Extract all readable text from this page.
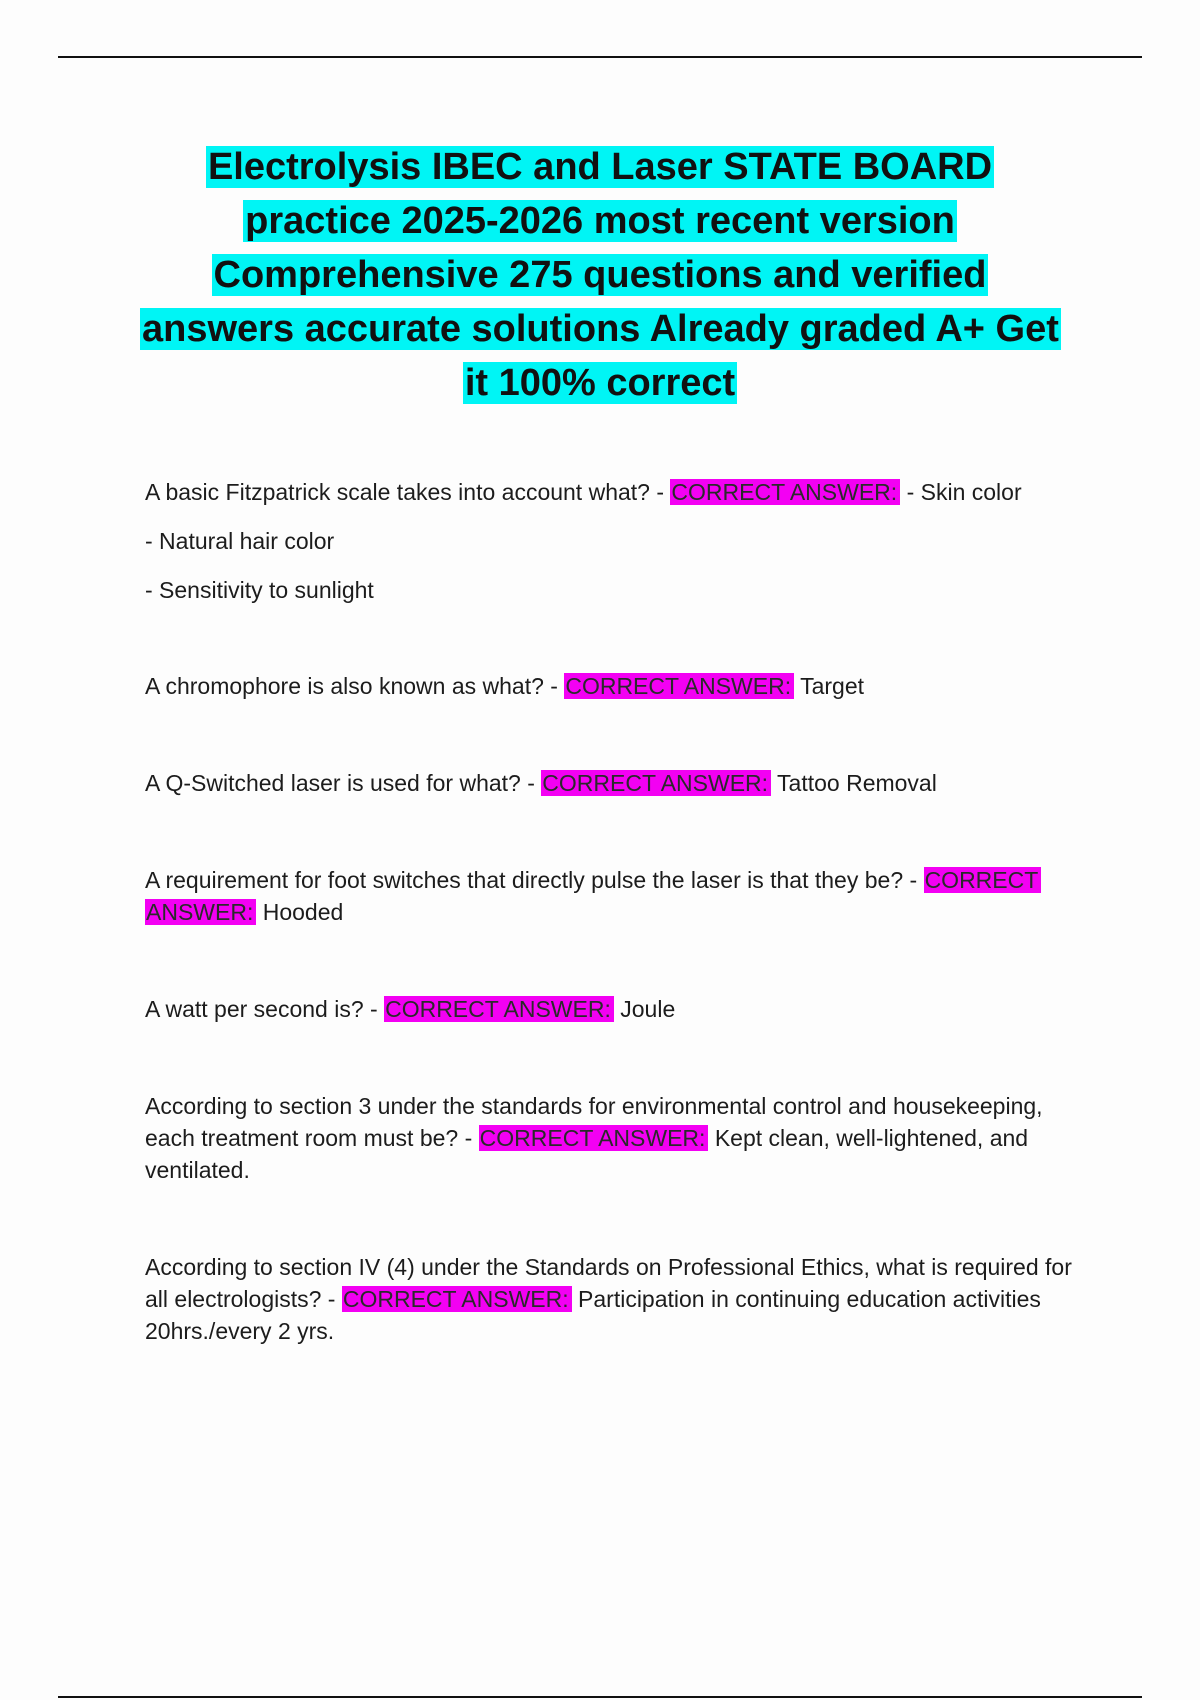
Electrolysis IBEC and Laser STATE BOARD practice 2025-2026 most recent version Comprehensive 275 questions and verified answers accurate solutions Already graded A+ Get it 100% correct

A basic Fitzpatrick scale takes into account what? - CORRECT ANSWER: - Skin color

- Natural hair color

- Sensitivity to sunlight

A chromophore is also known as what? - CORRECT ANSWER: Target

A Q-Switched laser is used for what? - CORRECT ANSWER: Tattoo Removal

A requirement for foot switches that directly pulse the laser is that they be? - CORRECT ANSWER: Hooded

A watt per second is? - CORRECT ANSWER: Joule

According to section 3 under the standards for environmental control and housekeeping, each treatment room must be? - CORRECT ANSWER: Kept clean, well-lightened, and ventilated.

According to section IV (4) under the Standards on Professional Ethics, what is required for all electrologists? - CORRECT ANSWER: Participation in continuing education activities 20hrs./every 2 yrs.
